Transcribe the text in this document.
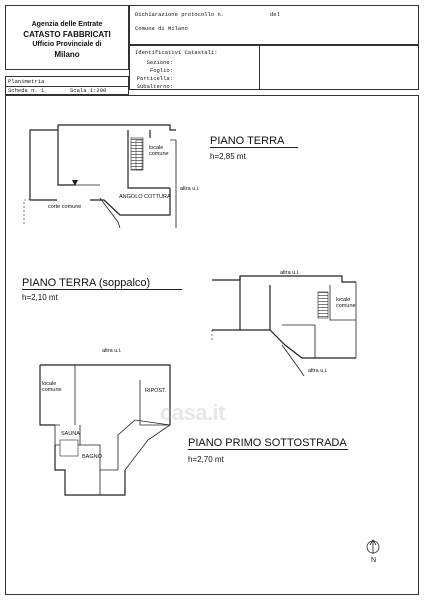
Agenzia delle Entrate
CATASTO FABBRICATI
Ufficio Provinciale di
Milano
Dichiarazione protocollo n.	del
Comune di Milano
Identificativi Catastali:
Sezione:
Foglio:
Particella:
Subalterno:
Planimetria
Scheda n. 1	Scala 1:200
PIANO TERRA
h=2,85 mt
PIANO TERRA (soppalco)
h=2,10 mt
PIANO PRIMO SOTTOSTRADA
h=2,70 mt
corte comune
ANGOLO COTTURA
locale comune
locale comune
locale comune
SAUNA
BAGNO
RIPOST.
altra u.i.
altra u.i.
altra u.i.
altra u.i.
casa.it
N
